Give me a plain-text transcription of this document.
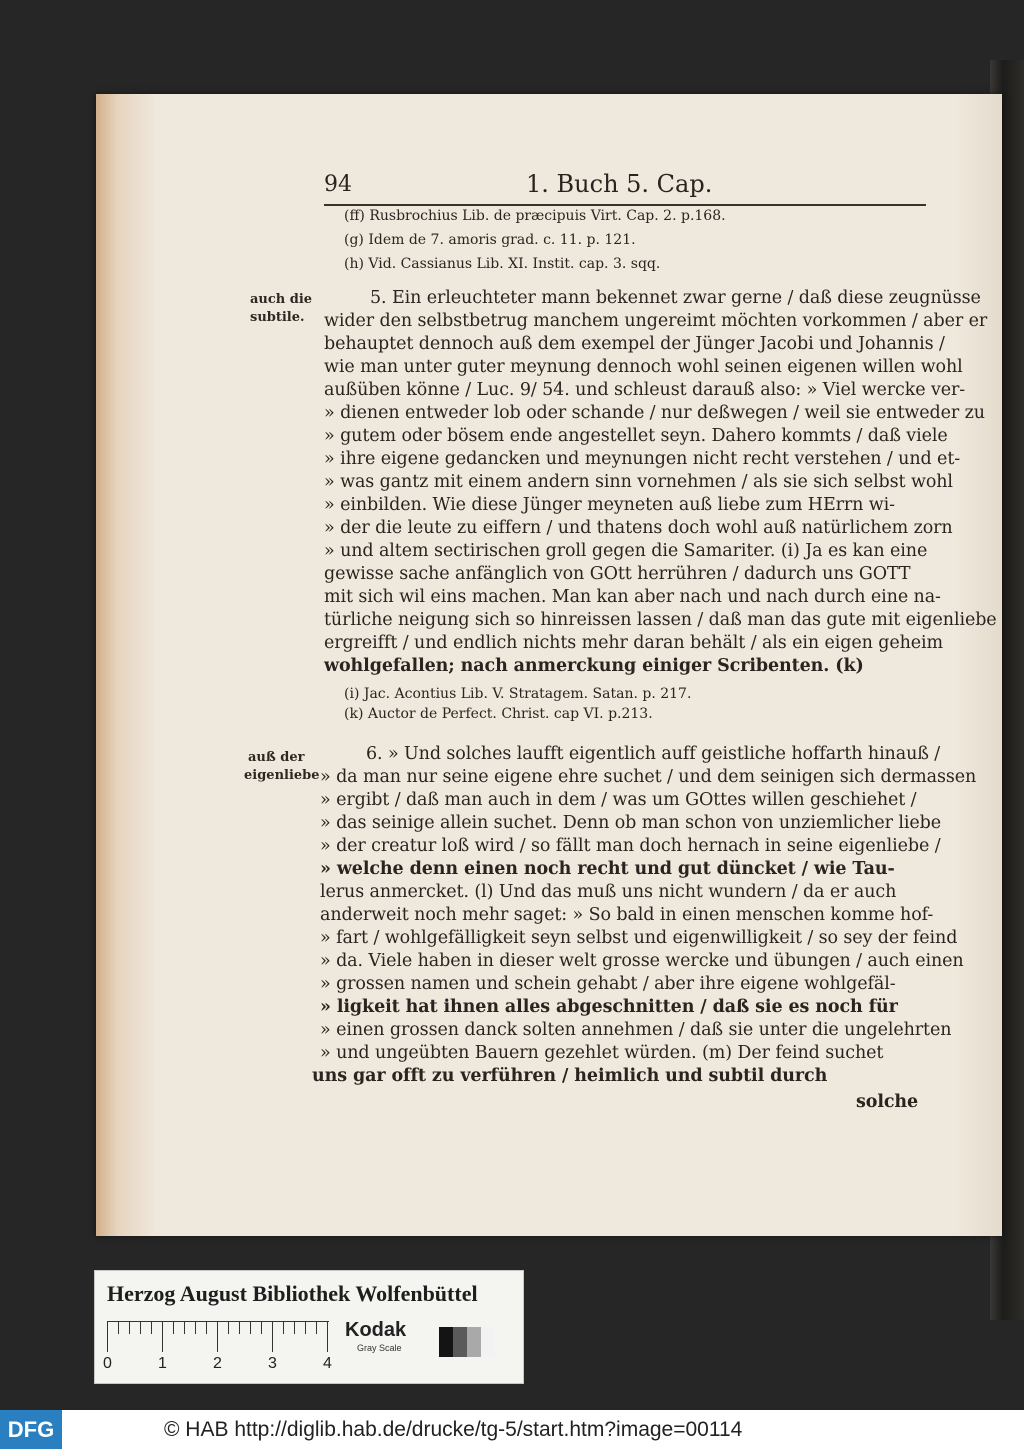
94	1. Buch 5. Cap.
(ff) Rusbrochius Lib. de præcipuis Virt. Cap. 2. p.168.
(g) Idem de 7. amoris grad. c. 11. p. 121.
(h) Vid. Cassianus Lib. XI. Instit. cap. 3. sqq.
auch die
subtile.
5. Ein erleuchteter mann bekennet zwar gerne / daß diese zeugnüsse
wider den selbstbetrug manchem ungereimt möchten vorkommen / aber er
behauptet dennoch auß dem exempel der Jünger Jacobi und Johannis /
wie man unter guter meynung dennoch wohl seinen eigenen willen wohl
außüben könne / Luc. 9/ 54. und schleust darauß also: » Viel wercke ver-
» dienen entweder lob oder schande / nur deßwegen / weil sie entweder zu
» gutem oder bösem ende angestellet seyn. Dahero kommts / daß viele
» ihre eigene gedancken und meynungen nicht recht verstehen / und et-
» was gantz mit einem andern sinn vornehmen / als sie sich selbst wohl
» einbilden. Wie diese Jünger meyneten auß liebe zum HErrn wi-
» der die leute zu eiffern / und thatens doch wohl auß natürlichem zorn
» und altem sectirischen groll gegen die Samariter. (i) Ja es kan eine
gewisse sache anfänglich von GOtt herrühren / dadurch uns GOTT
mit sich wil eins machen. Man kan aber nach und nach durch eine na-
türliche neigung sich so hinreissen lassen / daß man das gute mit eigenliebe
ergreifft / und endlich nichts mehr daran behält / als ein eigen geheim
wohlgefallen; nach anmerckung einiger Scribenten. (k)
(i) Jac. Acontius Lib. V. Stratagem. Satan. p. 217.
(k) Auctor de Perfect. Christ. cap VI. p.213.
auß der
eigenliebe
6. » Und solches laufft eigentlich auff geistliche hoffarth hinauß /
» da man nur seine eigene ehre suchet / und dem seinigen sich dermassen
» ergibt / daß man auch in dem / was um GOttes willen geschiehet /
» das seinige allein suchet. Denn ob man schon von unziemlicher liebe
» der creatur loß wird / so fällt man doch hernach in seine eigenliebe /
» welche denn einen noch recht und gut düncket / wie Tau-
lerus anmercket. (l) Und das muß uns nicht wundern / da er auch
anderweit noch mehr saget: » So bald in einen menschen komme hof-
» fart / wohlgefälligkeit seyn selbst und eigenwilligkeit / so sey der feind
» da. Viele haben in dieser welt grosse wercke und übungen / auch einen
» grossen namen und schein gehabt / aber ihre eigene wohlgefäl-
» ligkeit hat ihnen alles abgeschnitten / daß sie es noch für
» einen grossen danck solten annehmen / daß sie unter die ungelehrten
» und ungeübten Bauern gezehlet würden. (m) Der feind suchet
uns gar offt zu verführen / heimlich und subtil durch
solche
Herzog August Bibliothek Wolfenbüttel
0	1	2	3	4
Kodak
Gray Scale
DFG	© HAB http://diglib.hab.de/drucke/tg-5/start.htm?image=00114
